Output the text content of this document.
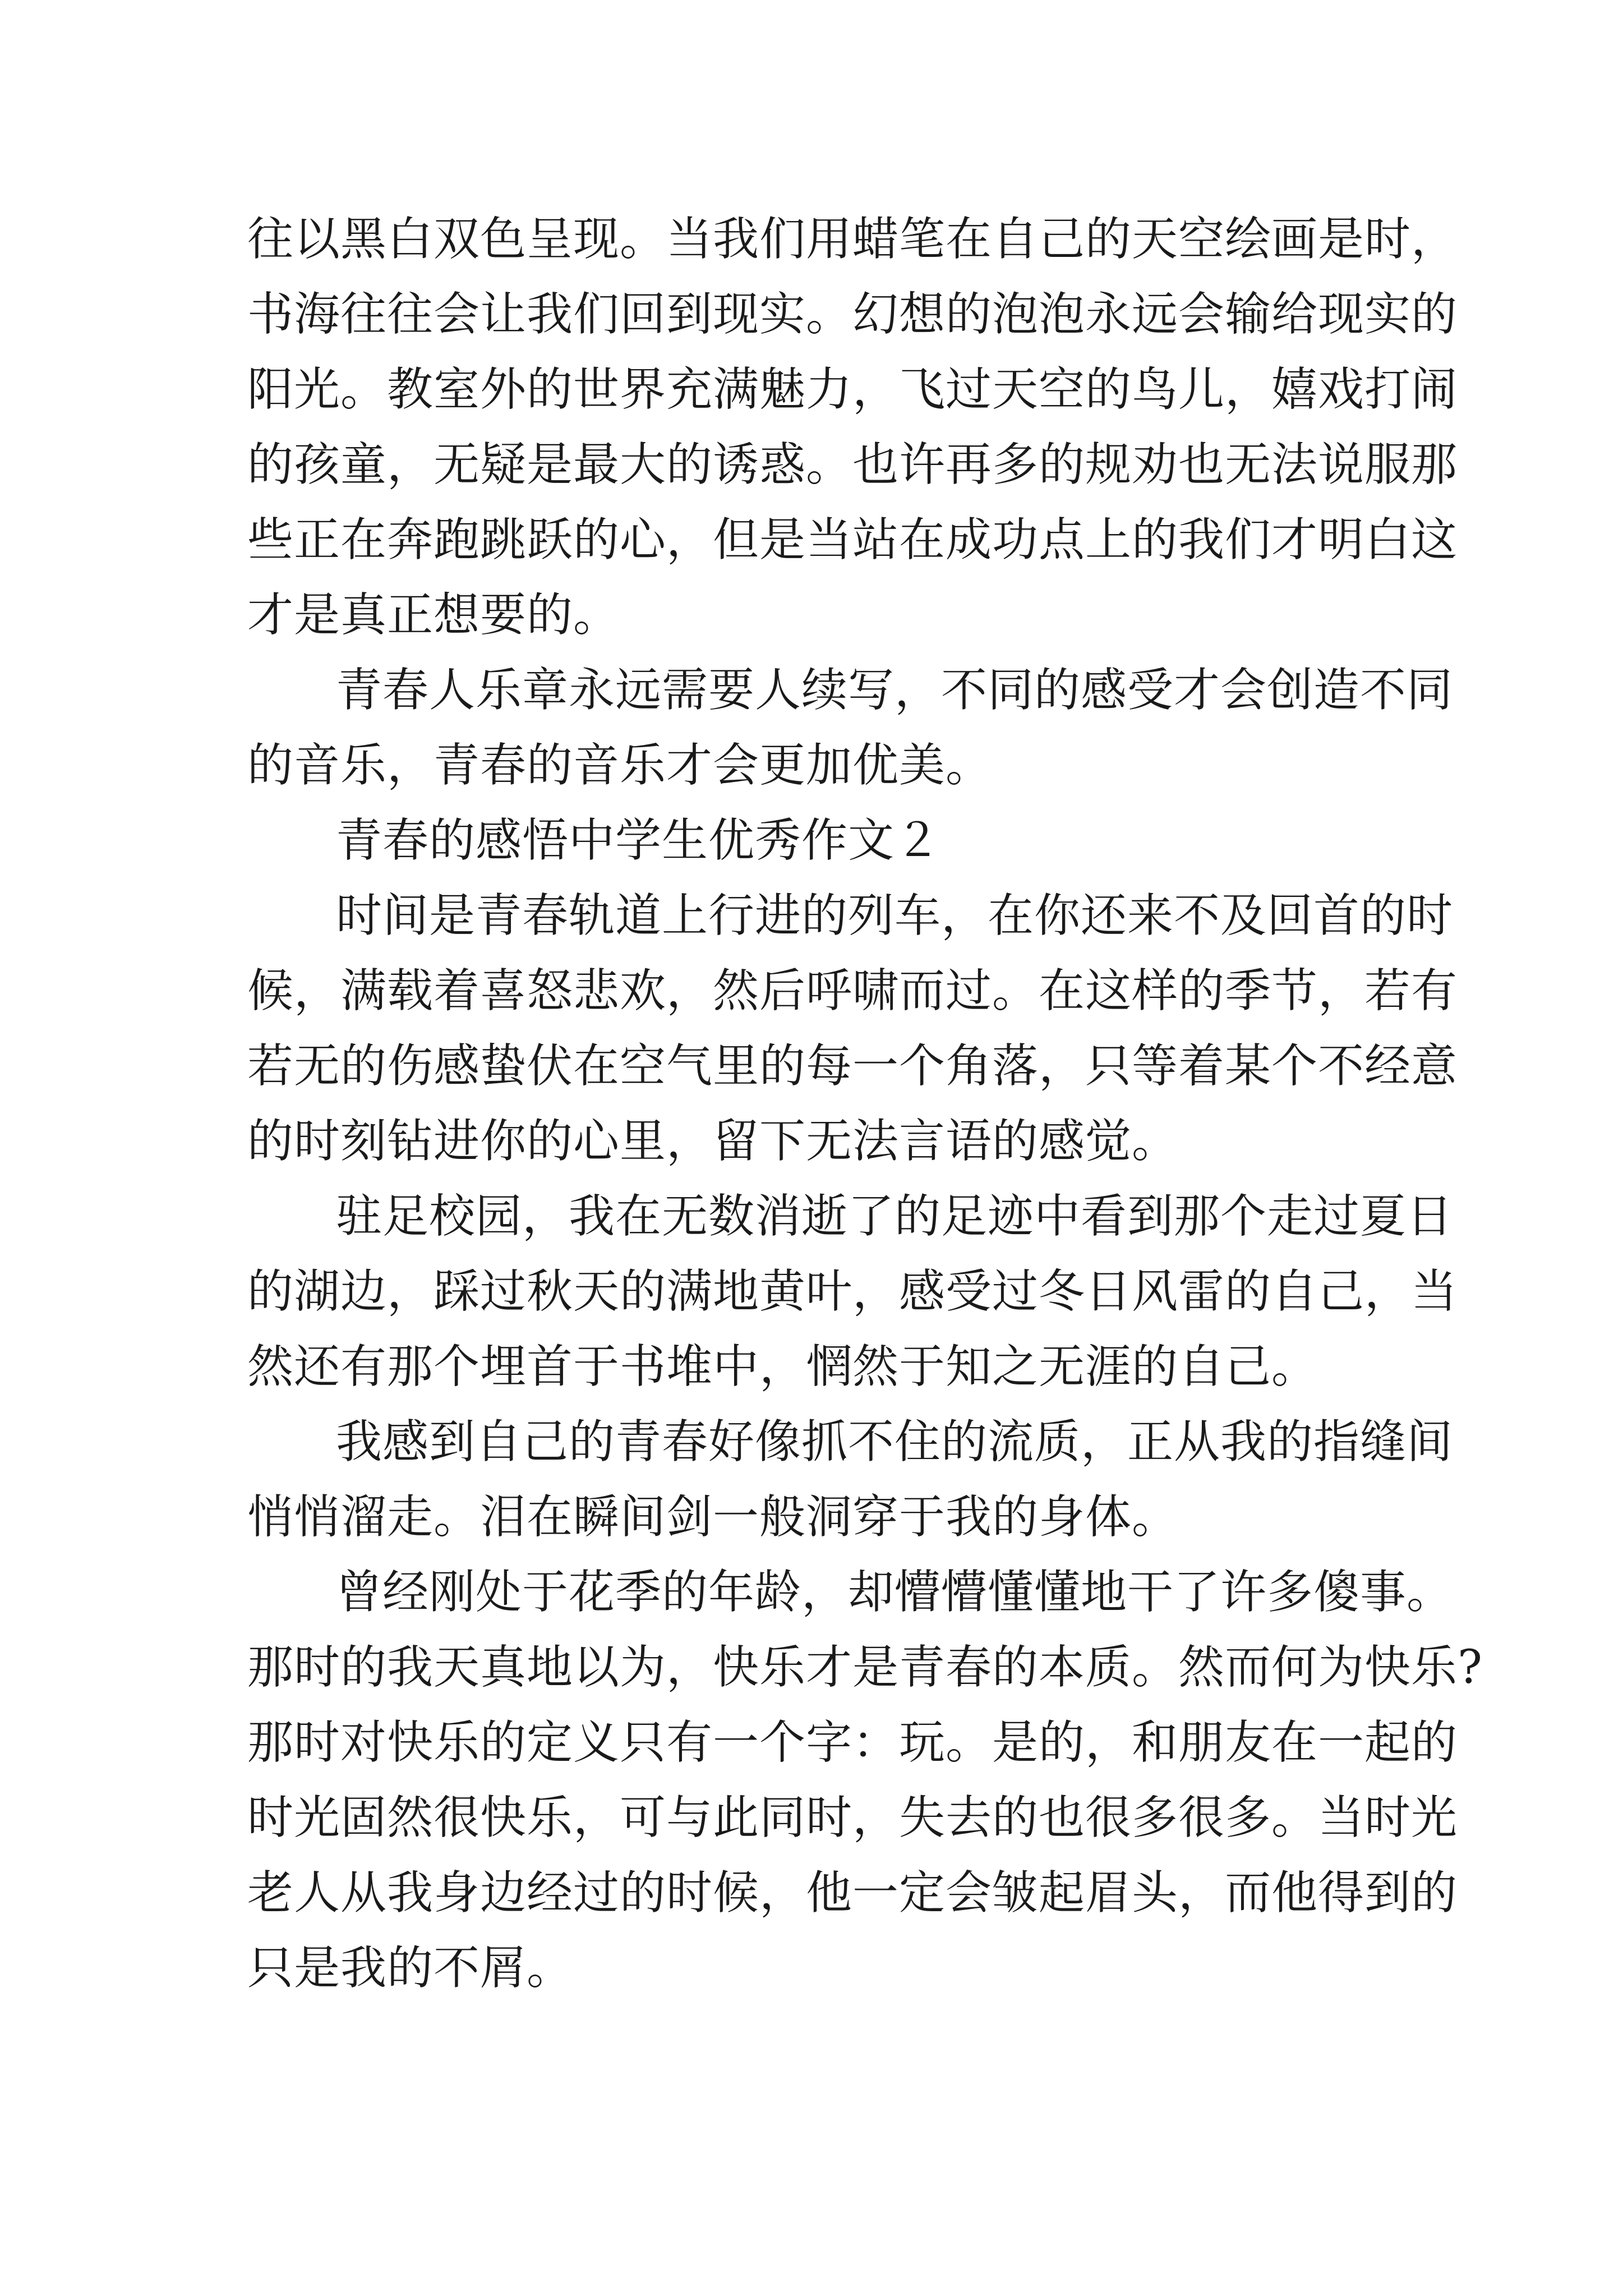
往以黑白双色呈现。当我们用蜡笔在自己的天空绘画是时，
书海往往会让我们回到现实。幻想的泡泡永远会输给现实的
阳光。教室外的世界充满魅力，飞过天空的鸟儿，嬉戏打闹
的孩童，无疑是最大的诱惑。也许再多的规劝也无法说服那
些正在奔跑跳跃的心，但是当站在成功点上的我们才明白这
才是真正想要的。
青春人乐章永远需要人续写，不同的感受才会创造不同
的音乐，青春的音乐才会更加优美。
青春的感悟中学生优秀作文２
时间是青春轨道上行进的列车，在你还来不及回首的时
候，满载着喜怒悲欢，然后呼啸而过。在这样的季节，若有
若无的伤感蛰伏在空气里的每一个角落，只等着某个不经意
的时刻钻进你的心里，留下无法言语的感觉。
驻足校园，我在无数消逝了的足迹中看到那个走过夏日
的湖边，踩过秋天的满地黄叶，感受过冬日风雷的自己，当
然还有那个埋首于书堆中，惘然于知之无涯的自己。
我感到自己的青春好像抓不住的流质，正从我的指缝间
悄悄溜走。泪在瞬间剑一般洞穿于我的身体。
曾经刚处于花季的年龄，却懵懵懂懂地干了许多傻事。
那时的我天真地以为，快乐才是青春的本质。然而何为快乐?
那时对快乐的定义只有一个字：玩。是的，和朋友在一起的
时光固然很快乐，可与此同时，失去的也很多很多。当时光
老人从我身边经过的时候，他一定会皱起眉头，而他得到的
只是我的不屑。
